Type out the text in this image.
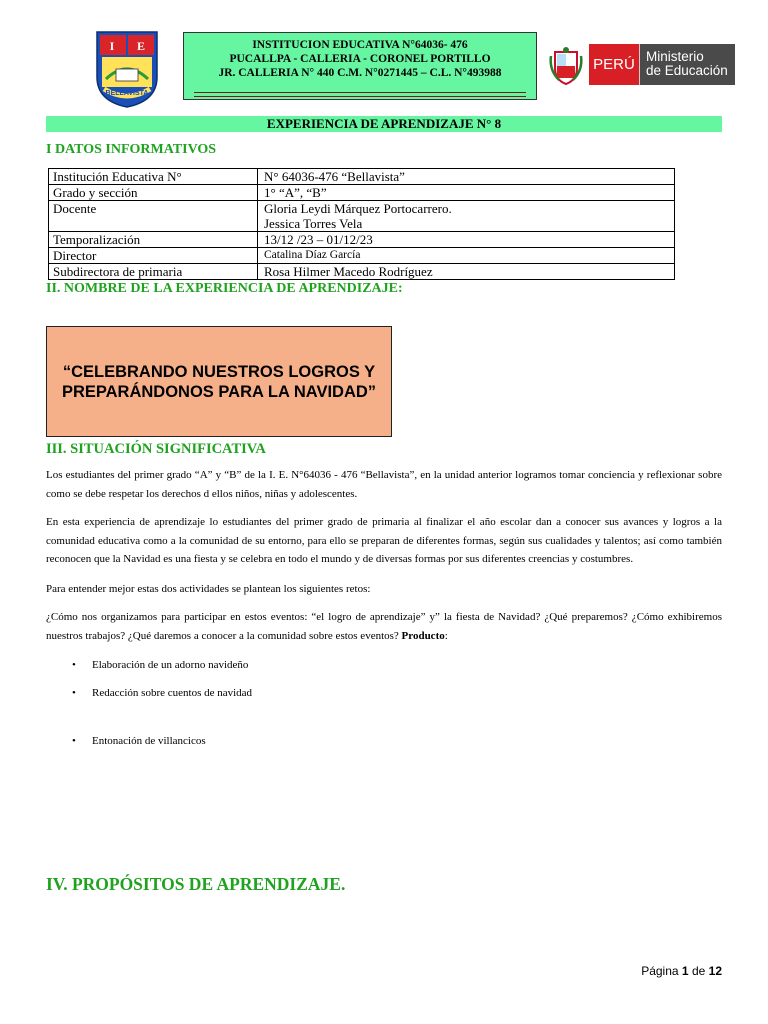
I E
BELLAVISTA
INSTITUCION EDUCATIVA N°64036- 476
PUCALLPA - CALLERIA - CORONEL PORTILLO
JR. CALLERIA N° 440 C.M. N°0271445 – C.L. N°493988	PERÚ Ministerio
de Educación
EXPERIENCIA DE APRENDIZAJE N° 8
I DATOS INFORMATIVOS
Institución Educativa N°	N° 64036-476 “Bellavista”
Grado y sección	1° “A”, “B”
Docente	Gloria Leydi Márquez Portocarrero.
Jessica Torres Vela

Temporalización	13/12 /23 – 01/12/23
Director	Catalina Díaz García
Subdirectora de primaria	Rosa Hilmer Macedo Rodríguez
II. NOMBRE DE LA EXPERIENCIA DE APRENDIZAJE:
“CELEBRANDO NUESTROS LOGROS Y PREPARÁNDONOS PARA LA NAVIDAD”
III. SITUACIÓN SIGNIFICATIVA
Los estudiantes del primer grado “A” y “B” de la I. E. N°64036 - 476 “Bellavista”, en la unidad anterior logramos tomar conciencia y reflexionar sobre como se debe respetar los derechos d ellos niños, niñas y adolescentes.
En esta experiencia de aprendizaje lo estudiantes del primer grado de primaria al finalizar el año escolar dan a conocer sus avances y logros a la comunidad educativa como a la comunidad de su entorno, para ello se preparan de diferentes formas, según sus cualidades y talentos; así como también reconocen que la Navidad es una fiesta y se celebra en todo el mundo y de diversas formas por sus diferentes creencias y costumbres.
Para entender mejor estas dos actividades se plantean los siguientes retos:
¿Cómo nos organizamos para participar en estos eventos: “el logro de aprendizaje” y” la fiesta de Navidad? ¿Qué preparemos? ¿Cómo exhibiremos nuestros trabajos? ¿Qué daremos a conocer a la comunidad sobre estos eventos? Producto:
• Elaboración de un adorno navideño
• Redacción sobre cuentos de navidad
• Entonación de villancicos
IV. PROPÓSITOS DE APRENDIZAJE.
Página 1 de 12
